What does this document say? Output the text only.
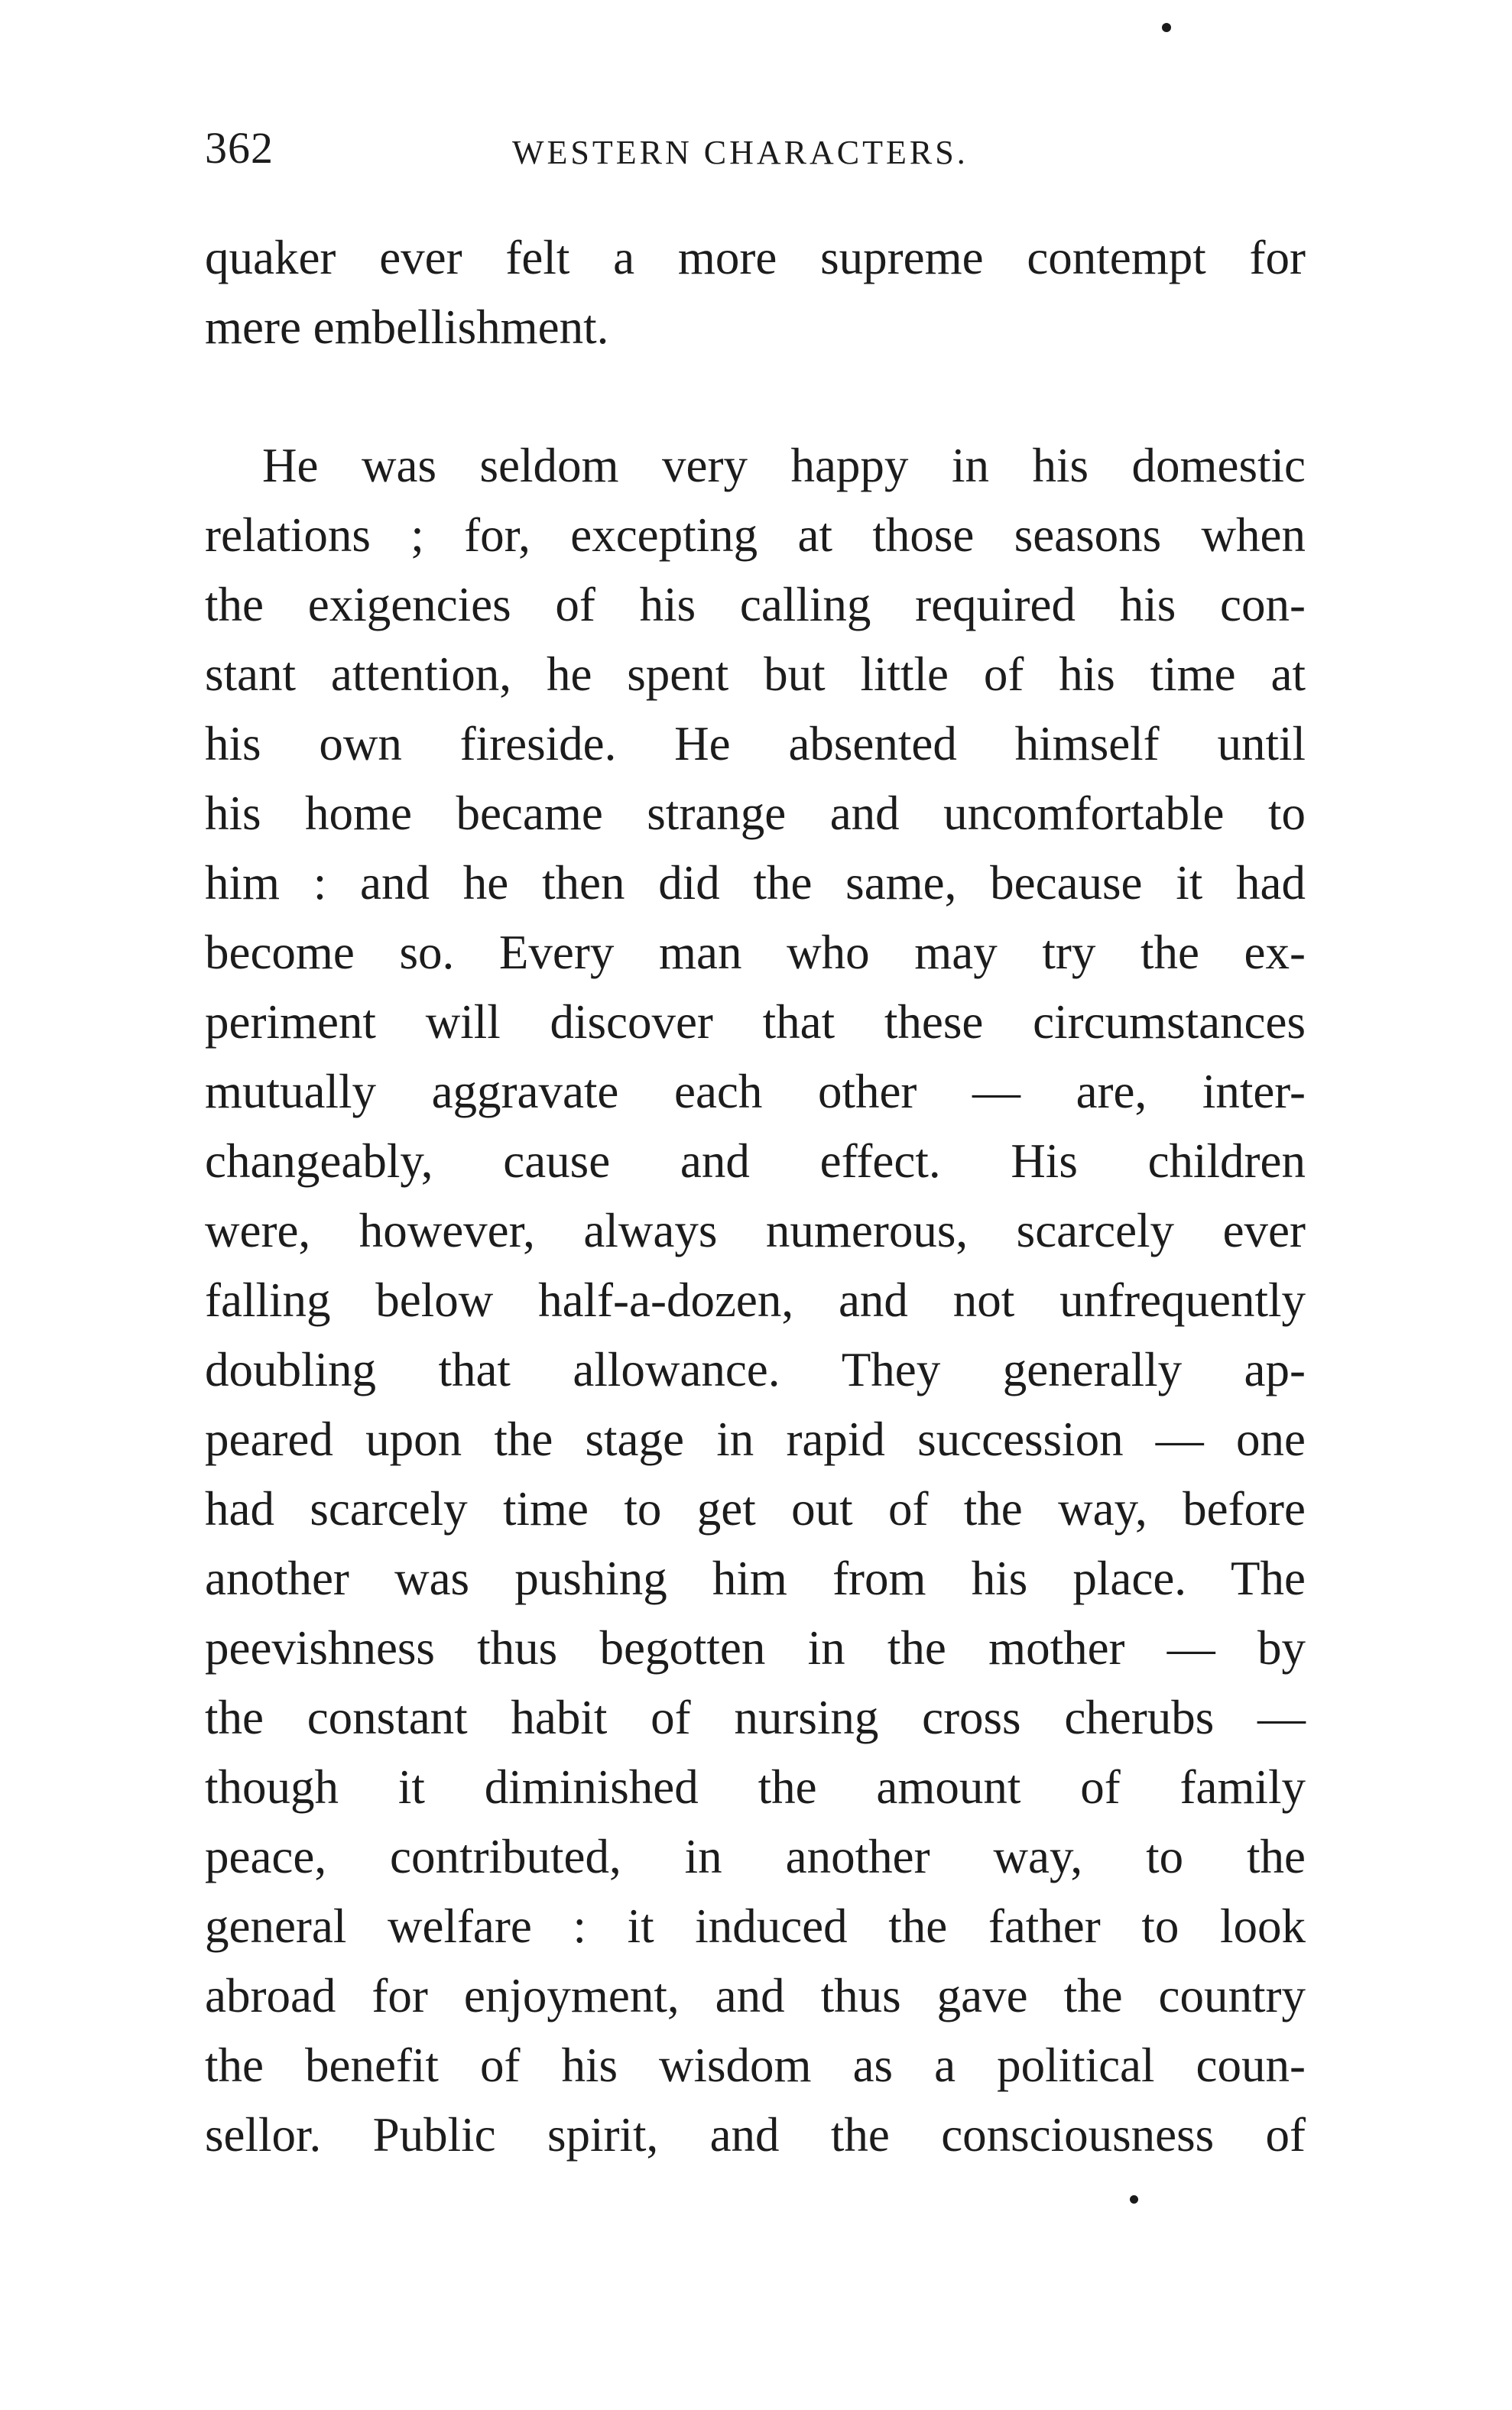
362	WESTERN CHARACTERS.
quaker ever felt a more supreme contempt for
mere embellishment.
He was seldom very happy in his domestic
relations ; for, excepting at those seasons when
the exigencies of his calling required his con-
stant attention, he spent but little of his time at
his own fireside. He absented himself until
his home became strange and uncomfortable to
him : and he then did the same, because it had
become so. Every man who may try the ex-
periment will discover that these circumstances
mutually aggravate each other — are, inter-
changeably, cause and effect. His children
were, however, always numerous, scarcely ever
falling below half-a-dozen, and not unfrequently
doubling that allowance. They generally ap-
peared upon the stage in rapid succession — one
had scarcely time to get out of the way, before
another was pushing him from his place. The
peevishness thus begotten in the mother — by
the constant habit of nursing cross cherubs —
though it diminished the amount of family
peace, contributed, in another way, to the
general welfare : it induced the father to look
abroad for enjoyment, and thus gave the country
the benefit of his wisdom as a political coun-
sellor. Public spirit, and the consciousness of
